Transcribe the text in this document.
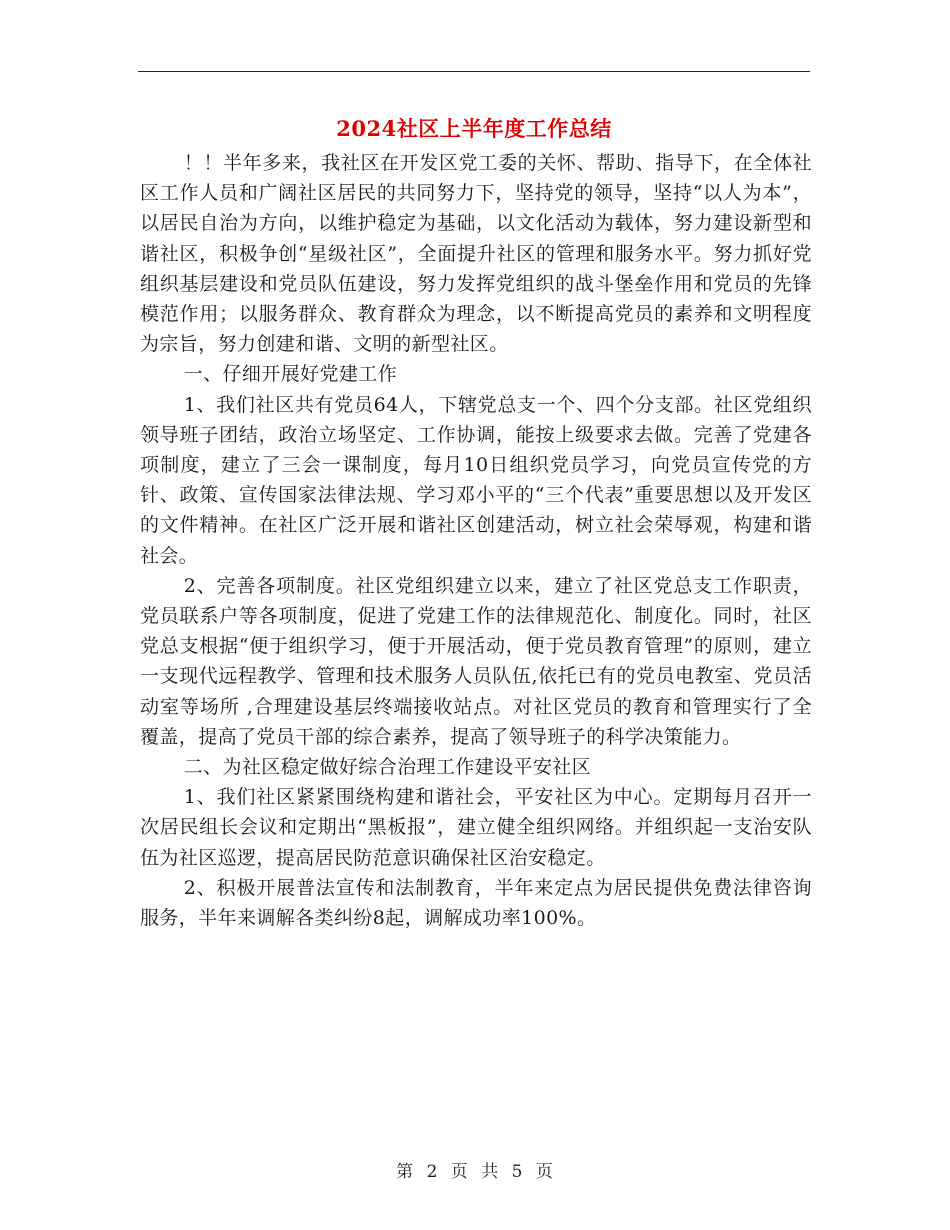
2024社区上半年度工作总结

！！半年多来，我社区在开发区党工委的关怀、帮助、指导下，在全体社区工作人员和广阔社区居民的共同努力下，坚持党的领导，坚持“以人为本”，以居民自治为方向，以维护稳定为基础，以文化活动为载体，努力建设新型和谐社区，积极争创“星级社区”，全面提升社区的管理和服务水平。努力抓好党组织基层建设和党员队伍建设，努力发挥党组织的战斗堡垒作用和党员的先锋模范作用；以服务群众、教育群众为理念，以不断提高党员的素养和文明程度为宗旨，努力创建和谐、文明的新型社区。

一、仔细开展好党建工作

1、我们社区共有党员64人，下辖党总支一个、四个分支部。社区党组织领导班子团结，政治立场坚定、工作协调，能按上级要求去做。完善了党建各项制度，建立了三会一课制度，每月10日组织党员学习，向党员宣传党的方针、政策、宣传国家法律法规、学习邓小平的“三个代表”重要思想以及开发区的文件精神。在社区广泛开展和谐社区创建活动，树立社会荣辱观，构建和谐社会。

2、完善各项制度。社区党组织建立以来，建立了社区党总支工作职责，党员联系户等各项制度，促进了党建工作的法律规范化、制度化。同时，社区党总支根据“便于组织学习，便于开展活动，便于党员教育管理”的原则，建立一支现代远程教学、管理和技术服务人员队伍,依托已有的党员电教室、党员活动室等场所 ,合理建设基层终端接收站点。对社区党员的教育和管理实行了全覆盖，提高了党员干部的综合素养，提高了领导班子的科学决策能力。

二、为社区稳定做好综合治理工作建设平安社区

1、我们社区紧紧围绕构建和谐社会，平安社区为中心。定期每月召开一次居民组长会议和定期出“黑板报”，建立健全组织网络。并组织起一支治安队伍为社区巡逻，提高居民防范意识确保社区治安稳定。

2、积极开展普法宣传和法制教育，半年来定点为居民提供免费法律咨询服务，半年来调解各类纠纷8起，调解成功率100%。

第 2 页 共 5 页
